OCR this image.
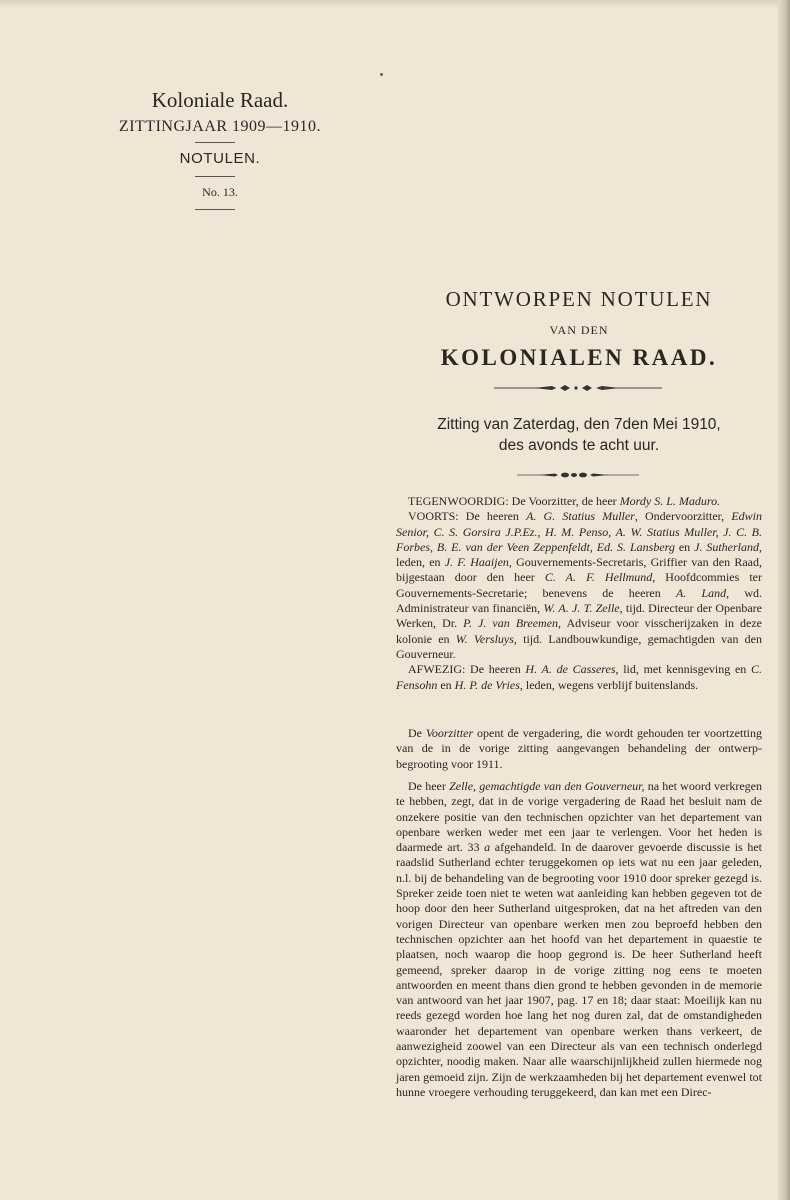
Koloniale Raad.
ZITTINGJAAR 1909—1910.
NOTULEN.
No. 13.
ONTWORPEN NOTULEN
VAN DEN
KOLONIALEN RAAD.
Zitting van Zaterdag, den 7den Mei 1910,
des avonds te acht uur.

TEGENWOORDIG: De Voorzitter, de heer Mordy S. L. Maduro.

VOORTS: De heeren A. G. Statius Muller, Ondervoorzitter, Edwin Senior, C. S. Gorsira J.P.Ez., H. M. Penso, A. W. Statius Muller, J. C. B. Forbes, B. E. van der Veen Zeppenfeldt, Ed. S. Lansberg en J. Sutherland, leden, en J. F. Haaijen, Gouvernements-Secretaris, Griffier van den Raad, bijgestaan door den heer C. A. F. Hellmund, Hoofdcommies ter Gouvernements-Secretarie; benevens de heeren A. Land, wd. Administrateur van financiën, W. A. J. T. Zelle, tijd. Directeur der Openbare Werken, Dr. P. J. van Breemen, Adviseur voor visscherijzaken in deze kolonie en W. Versluys, tijd. Landbouwkundige, gemachtigden van den Gouverneur.

AFWEZIG: De heeren H. A. de Casseres, lid, met kennisgeving en C. Fensohn en H. P. de Vries, leden, wegens verblijf buitenslands.

De Voorzitter opent de vergadering, die wordt gehouden ter voortzetting van de in de vorige zitting aangevangen behandeling der ontwerp-begrooting voor 1911.

De heer Zelle, gemachtigde van den Gouverneur, na het woord verkregen te hebben, zegt, dat in de vorige vergadering de Raad het besluit nam de onzekere positie van den technischen opzichter van het departement van openbare werken weder met een jaar te verlengen. Voor het heden is daarmede art. 33 a afgehandeld. In de daarover gevoerde discussie is het raadslid Sutherland echter teruggekomen op iets wat nu een jaar geleden, n.l. bij de behandeling van de begrooting voor 1910 door spreker gezegd is. Spreker zeide toen niet te weten wat aanleiding kan hebben gegeven tot de hoop door den heer Sutherland uitgesproken, dat na het aftreden van den vorigen Directeur van openbare werken men zou beproefd hebben den technischen opzichter aan het hoofd van het departement in quaestie te plaatsen, noch waarop die hoop gegrond is. De heer Sutherland heeft gemeend, spreker daarop in de vorige zitting nog eens te moeten antwoorden en meent thans dien grond te hebben gevonden in de memorie van antwoord van het jaar 1907, pag. 17 en 18; daar staat: Moeilijk kan nu reeds gezegd worden hoe lang het nog duren zal, dat de omstandigheden waaronder het departement van openbare werken thans verkeert, de aanwezigheid zoowel van een Directeur als van een technisch onderlegd opzichter, noodig maken. Naar alle waarschijnlijkheid zullen hiermede nog jaren gemoeid zijn. Zijn de werkzaamheden bij het departement evenwel tot hunne vroegere verhouding teruggekeerd, dan kan met een Direc-
